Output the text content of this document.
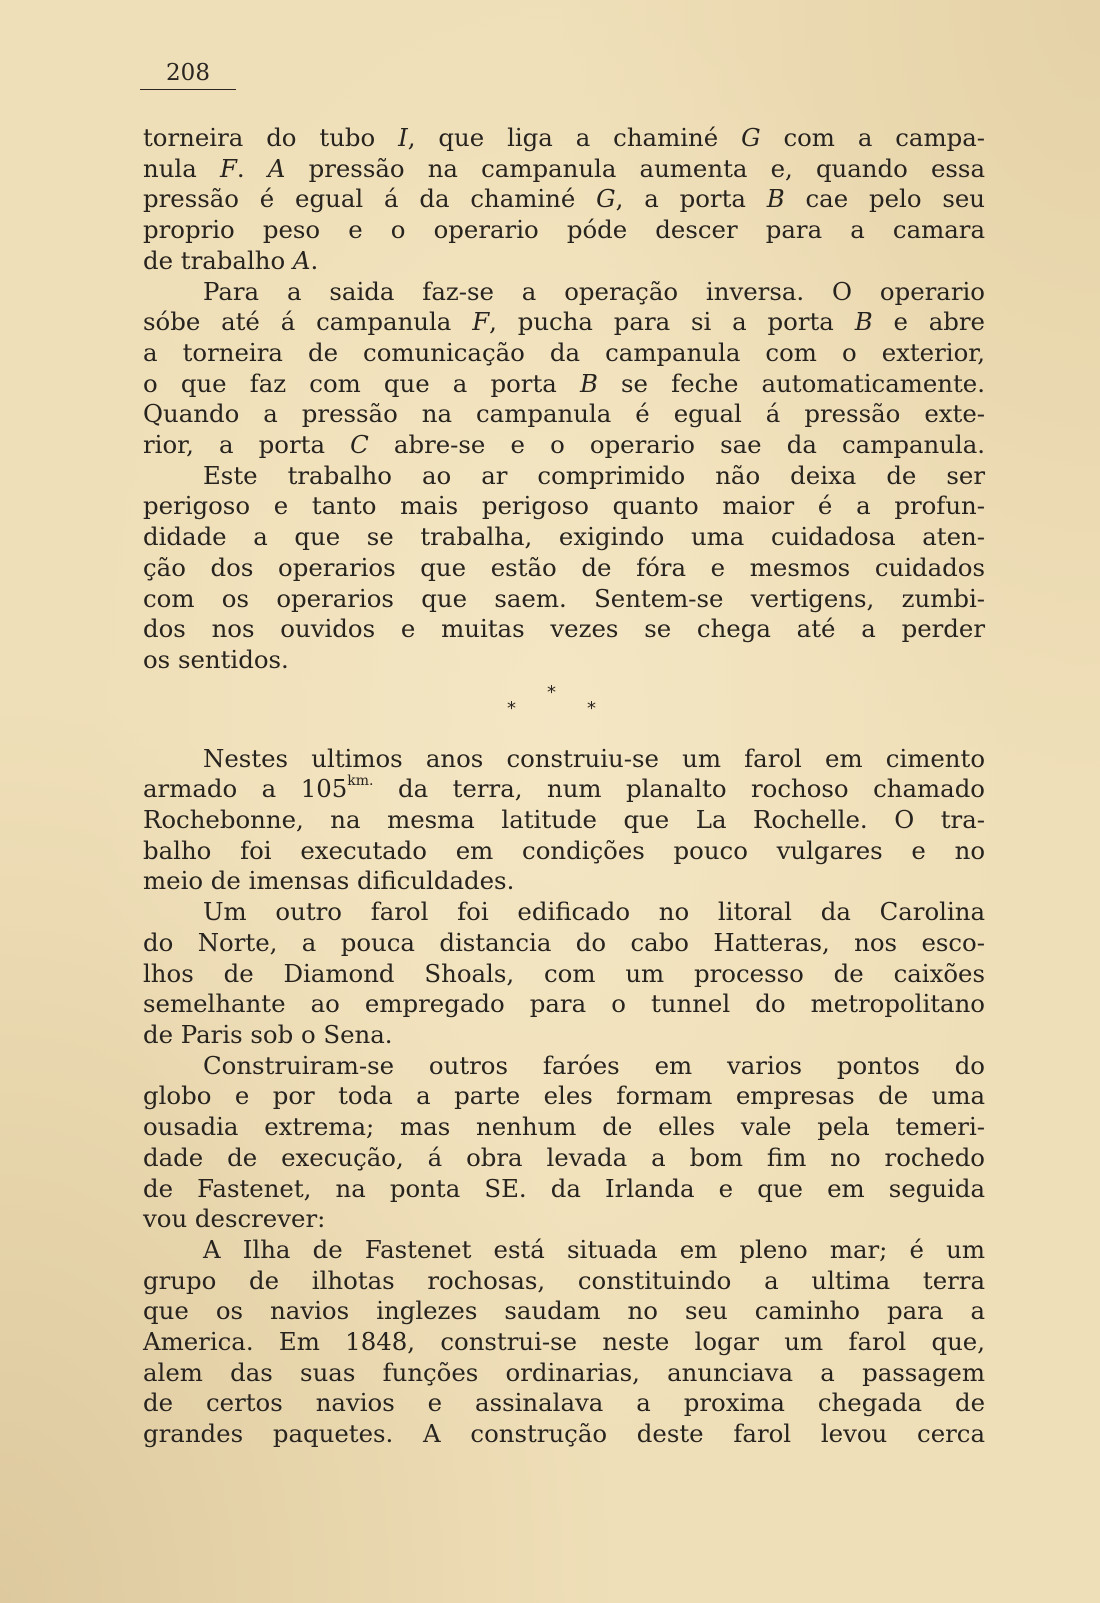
208
torneira do tubo I, que liga a chaminé G com a campa-
nula F. A pressão na campanula aumenta e, quando essa
pressão é egual á da chaminé G, a porta B cae pelo seu
proprio peso e o operario póde descer para a camara
de trabalho A.
Para a saida faz-se a operação inversa. O operario
sóbe até á campanula F, pucha para si a porta B e abre
a torneira de comunicação da campanula com o exterior,
o que faz com que a porta B se feche automaticamente.
Quando a pressão na campanula é egual á pressão exte-
rior, a porta C abre-se e o operario sae da campanula.
Este trabalho ao ar comprimido não deixa de ser
perigoso e tanto mais perigoso quanto maior é a profun-
didade a que se trabalha, exigindo uma cuidadosa aten-
ção dos operarios que estão de fóra e mesmos cuidados
com os operarios que saem. Sentem-se vertigens, zumbi-
dos nos ouvidos e muitas vezes se chega até a perder
os sentidos.
*
*	*
Nestes ultimos anos construiu-se um farol em cimento
armado a $105^{km.}$ da terra, num planalto rochoso chamado
Rochebonne, na mesma latitude que La Rochelle. O tra-
balho foi executado em condições pouco vulgares e no
meio de imensas dificuldades.
Um outro farol foi edificado no litoral da Carolina
do Norte, a pouca distancia do cabo Hatteras, nos esco-
lhos de Diamond Shoals, com um processo de caixões
semelhante ao empregado para o tunnel do metropolitano
de Paris sob o Sena.
Construiram-se outros faróes em varios pontos do
globo e por toda a parte eles formam empresas de uma
ousadia extrema; mas nenhum de elles vale pela temeri-
dade de execução, á obra levada a bom fim no rochedo
de Fastenet, na ponta SE. da Irlanda e que em seguida
vou descrever:
A Ilha de Fastenet está situada em pleno mar; é um
grupo de ilhotas rochosas, constituindo a ultima terra
que os navios inglezes saudam no seu caminho para a
America. Em 1848, construi-se neste logar um farol que,
alem das suas funções ordinarias, anunciava a passagem
de certos navios e assinalava a proxima chegada de
grandes paquetes. A construção deste farol levou cerca
